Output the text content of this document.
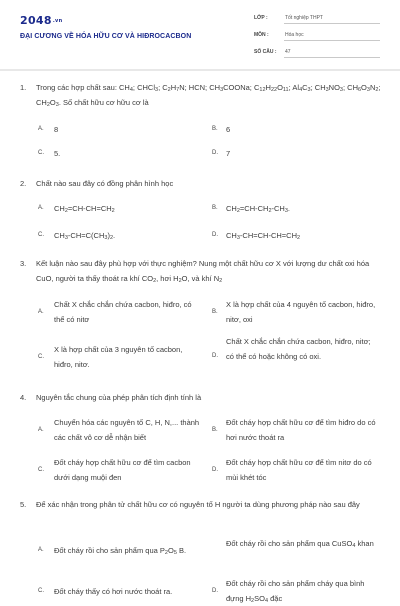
2048.vn
ĐẠI CƯƠNG VỀ HÓA HỮU CƠ VÀ HIĐROCACBON
LỚP :	Tốt nghiệp THPT
MÔN :	Hóa học
SỐ CÂU : 47
1.	Trong các hợp chất sau: $CH_4$; CHCl$_3$; $C_2H_7N$; HCN; $CH_3COONa$; $C_{12}H_{22}O_{11}$; $Al_4C_3$; $CH_3NO_3$; $CH_6O_3N_2$; $CH_2O_3$. Số chất hữu cơ hữu cơ là
A. 8	B. 6
C. 5.	D. 7
2.	Chất nào sau đây có đồng phân hình học
A. $CH_2=CH-CH=CH_2$	B. $CH_2=CH-CH_2-CH_3$.
C. $CH_3-CH=C(CH_3)_2$.	D. $CH_3-CH=CH-CH=CH_2$
3.	Kết luận nào sau đây phù hợp với thực nghiệm? Nung một chất hữu cơ X với lượng dư chất oxi hóa CuO, người ta thấy thoát ra khí $CO_2$, hơi $H_2O$, và khí $N_2$
A.
Chất X chắc chắn chứa cacbon, hiđro, có thể có nitơ
B.
X là hợp chất của 4 nguyên tố cacbon, hiđro, nitơ, oxi
C.
X là hợp chất của 3 nguyên tố cacbon, hiđro, nitơ.
D.
Chất X chắc chắn chứa cacbon, hiđro, nitơ; có thể có hoặc không có oxi.
4.	Nguyên tắc chung của phép phân tích định tính là
A.
Chuyển hóa các nguyên tố C, H, N,... thành các chất vô cơ dễ nhận biết
B.
Đốt cháy hợp chất hữu cơ để tìm hiđro do có hơi nước thoát ra
C.
Đốt cháy hợp chất hữu cơ để tìm cacbon dưới dạng muội đen
D.
Đốt cháy hợp chất hữu cơ để tìm nitơ do có mùi khét tóc
5.	Để xác nhận trong phân tử chất hữu cơ có nguyên tố H người ta dùng phương pháp nào sau đây
A. Đốt cháy rồi cho sản phẩm qua $P_2O_5$ B.
Đốt cháy rồi cho sản phẩm qua CuSO$_4$ khan
C. Đốt cháy thấy có hơi nước thoát ra.	D.
Đốt cháy rồi cho sản phẩm cháy qua bình đựng $H_2SO_4$ đặc
